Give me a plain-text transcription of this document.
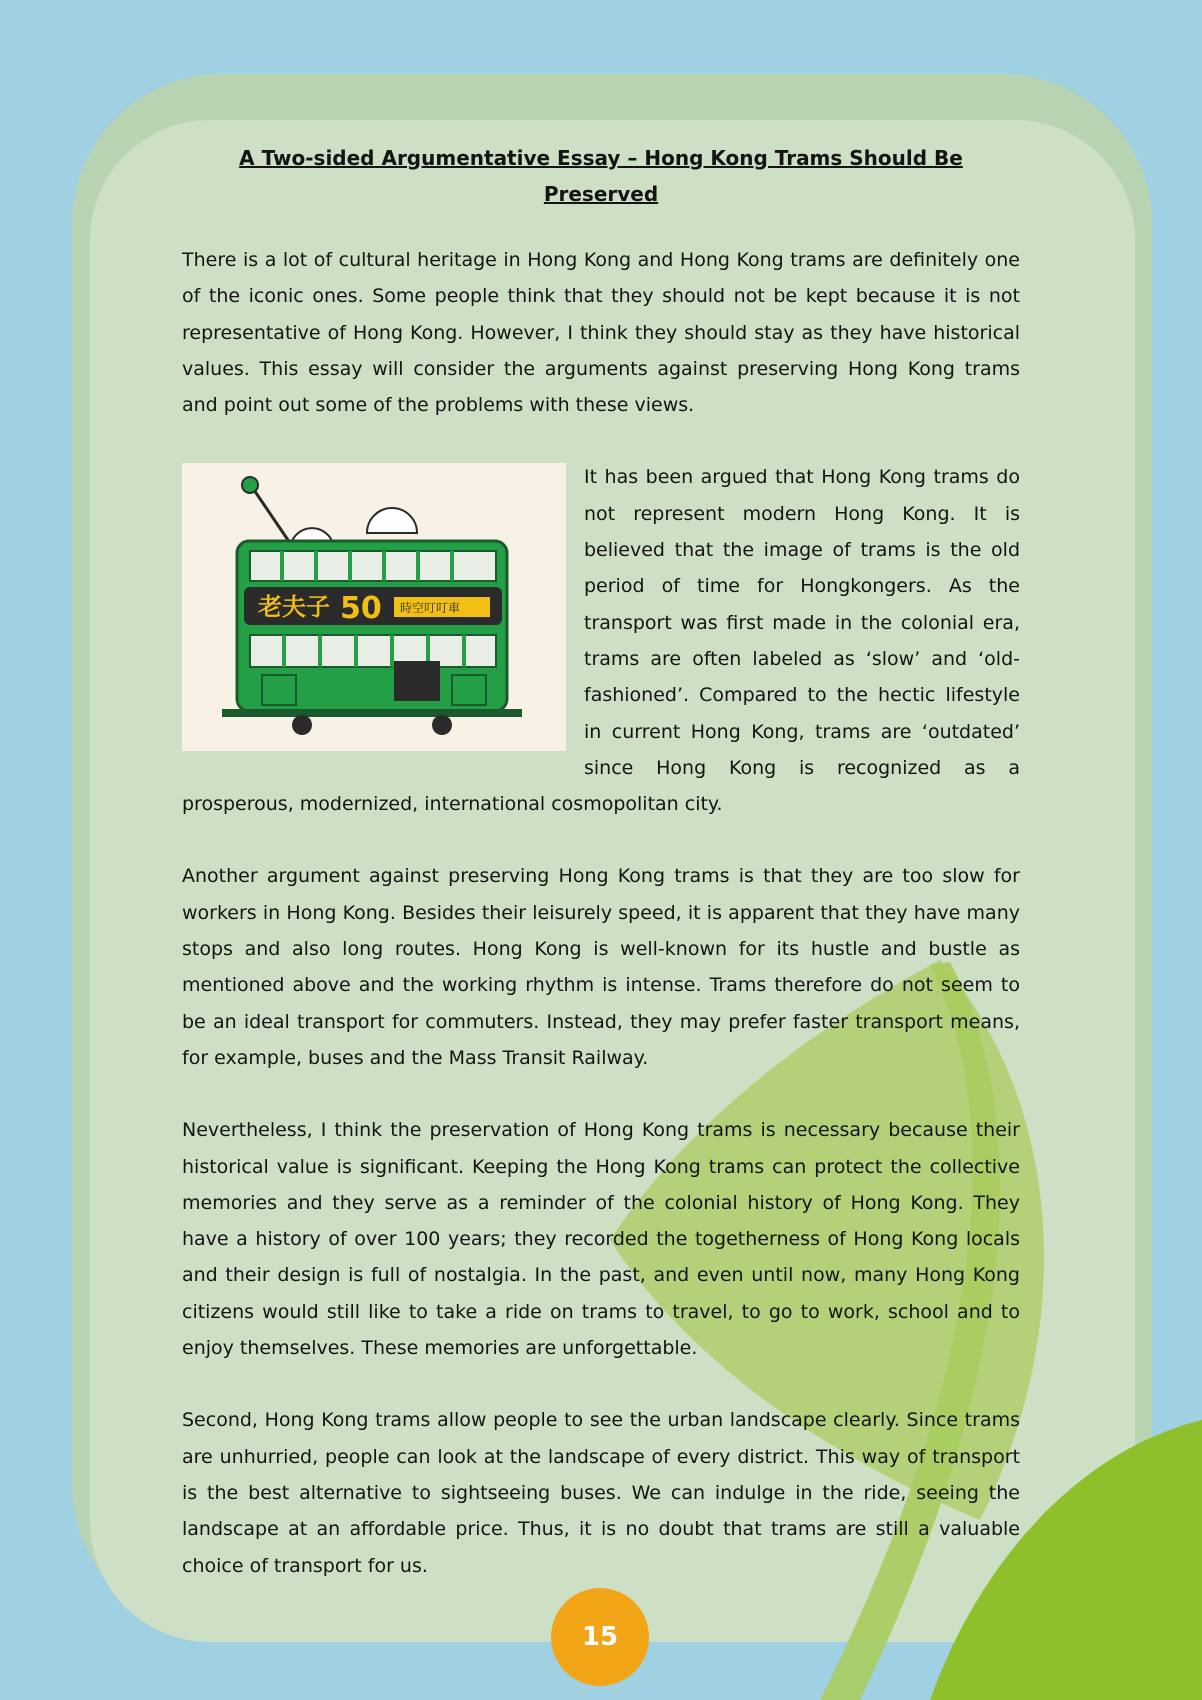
A Two-sided Argumentative Essay – Hong Kong Trams Should Be Preserved

There is a lot of cultural heritage in Hong Kong and Hong Kong trams are definitely one of the iconic ones. Some people think that they should not be kept because it is not representative of Hong Kong. However, I think they should stay as they have historical values. This essay will consider the arguments against preserving Hong Kong trams and point out some of the problems with these views.

老夫子 50 時空叮叮車

It has been argued that Hong Kong trams do not represent modern Hong Kong. It is believed that the image of trams is the old period of time for Hongkongers. As the transport was first made in the colonial era, trams are often labeled as ‘slow’ and ‘old-fashioned’. Compared to the hectic lifestyle in current Hong Kong, trams are ‘outdated’ since Hong Kong is recognized as a prosperous, modernized, international cosmopolitan city.

Another argument against preserving Hong Kong trams is that they are too slow for workers in Hong Kong. Besides their leisurely speed, it is apparent that they have many stops and also long routes. Hong Kong is well-known for its hustle and bustle as mentioned above and the working rhythm is intense. Trams therefore do not seem to be an ideal transport for commuters. Instead, they may prefer faster transport means, for example, buses and the Mass Transit Railway.

Nevertheless, I think the preservation of Hong Kong trams is necessary because their historical value is significant. Keeping the Hong Kong trams can protect the collective memories and they serve as a reminder of the colonial history of Hong Kong. They have a history of over 100 years; they recorded the togetherness of Hong Kong locals and their design is full of nostalgia. In the past, and even until now, many Hong Kong citizens would still like to take a ride on trams to travel, to go to work, school and to enjoy themselves. These memories are unforgettable.

Second, Hong Kong trams allow people to see the urban landscape clearly. Since trams are unhurried, people can look at the landscape of every district. This way of transport is the best alternative to sightseeing buses. We can indulge in the ride, seeing the landscape at an affordable price. Thus, it is no doubt that trams are still a valuable choice of transport for us.

15
